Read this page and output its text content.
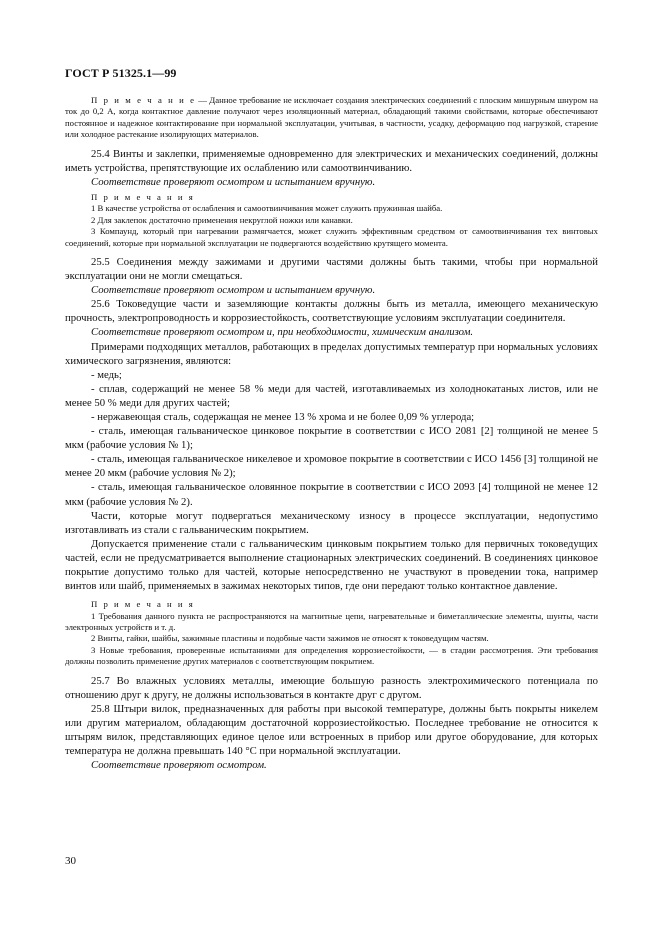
ГОСТ Р 51325.1—99

П р и м е ч а н и е — Данное требование не исключает создания электрических соединений с плоским мишурным шнуром на ток до 0,2 А, когда контактное давление получают через изоляционный материал, обладающий такими свойствами, которые обеспечивают постоянное и надежное контактирование при нормальной эксплуатации, учитывая, в частности, усадку, деформацию под нагрузкой, старение или холодное растекание изолирующих материалов.

25.4 Винты и заклепки, применяемые одновременно для электрических и механических соединений, должны иметь устройства, препятствующие их ослаблению или самоотвинчиванию.

Соответствие проверяют осмотром и испытанием вручную.

П р и м е ч а н и я

1 В качестве устройства от ослабления и самоотвинчивания может служить пружинная шайба.

2 Для заклепок достаточно применения некруглой ножки или канавки.

3 Компаунд, который при нагревании размягчается, может служить эффективным средством от самоотвинчивания тех винтовых соединений, которые при нормальной эксплуатации не подвергаются воздействию крутящего момента.

25.5 Соединения между зажимами и другими частями должны быть такими, чтобы при нормальной эксплуатации они не могли смещаться.

Соответствие проверяют осмотром и испытанием вручную.

25.6 Токоведущие части и заземляющие контакты должны быть из металла, имеющего механическую прочность, электропроводность и коррозиестойкость, соответствующие условиям эксплуатации соединителя.

Соответствие проверяют осмотром и, при необходимости, химическим анализом.

Примерами подходящих металлов, работающих в пределах допустимых температур при нормальных условиях химического загрязнения, являются:

- медь;

- сплав, содержащий не менее 58 % меди для частей, изготавливаемых из холоднокатаных листов, или не менее 50 % меди для других частей;

- нержавеющая сталь, содержащая не менее 13 % хрома и не более 0,09 % углерода;

- сталь, имеющая гальваническое цинковое покрытие в соответствии с ИСО 2081 [2] толщиной не менее 5 мкм (рабочие условия № 1);

- сталь, имеющая гальваническое никелевое и хромовое покрытие в соответствии с ИСО 1456 [3] толщиной не менее 20 мкм (рабочие условия № 2);

- сталь, имеющая гальваническое оловянное покрытие в соответствии с ИСО 2093 [4] толщиной не менее 12 мкм (рабочие условия № 2).

Части, которые могут подвергаться механическому износу в процессе эксплуатации, недопустимо изготавливать из стали с гальваническим покрытием.

Допускается применение стали с гальваническим цинковым покрытием только для первичных токоведущих частей, если не предусматривается выполнение стационарных электрических соединений. В соединениях цинковое покрытие допустимо только для частей, которые непосредственно не участвуют в проведении тока, например винтов или шайб, применяемых в зажимах некоторых типов, где они передают только контактное давление.

П р и м е ч а н и я

1 Требования данного пункта не распространяются на магнитные цепи, нагревательные и биметаллические элементы, шунты, части электронных устройств и т. д.

2 Винты, гайки, шайбы, зажимные пластины и подобные части зажимов не относят к токоведущим частям.

3 Новые требования, проверенные испытаниями для определения коррозиестойкости, — в стадии рассмотрения. Эти требования должны позволить применение других материалов с соответствующим покрытием.

25.7 Во влажных условиях металлы, имеющие большую разность электрохимического потенциала по отношению друг к другу, не должны использоваться в контакте друг с другом.

25.8 Штыри вилок, предназначенных для работы при высокой температуре, должны быть покрыты никелем или другим материалом, обладающим достаточной коррозиестойкостью. Последнее требование не относится к штырям вилок, представляющих единое целое или встроенных в прибор или другое оборудование, для которых температура не должна превышать 140 °С при нормальной эксплуатации.

Соответствие проверяют осмотром.

30
